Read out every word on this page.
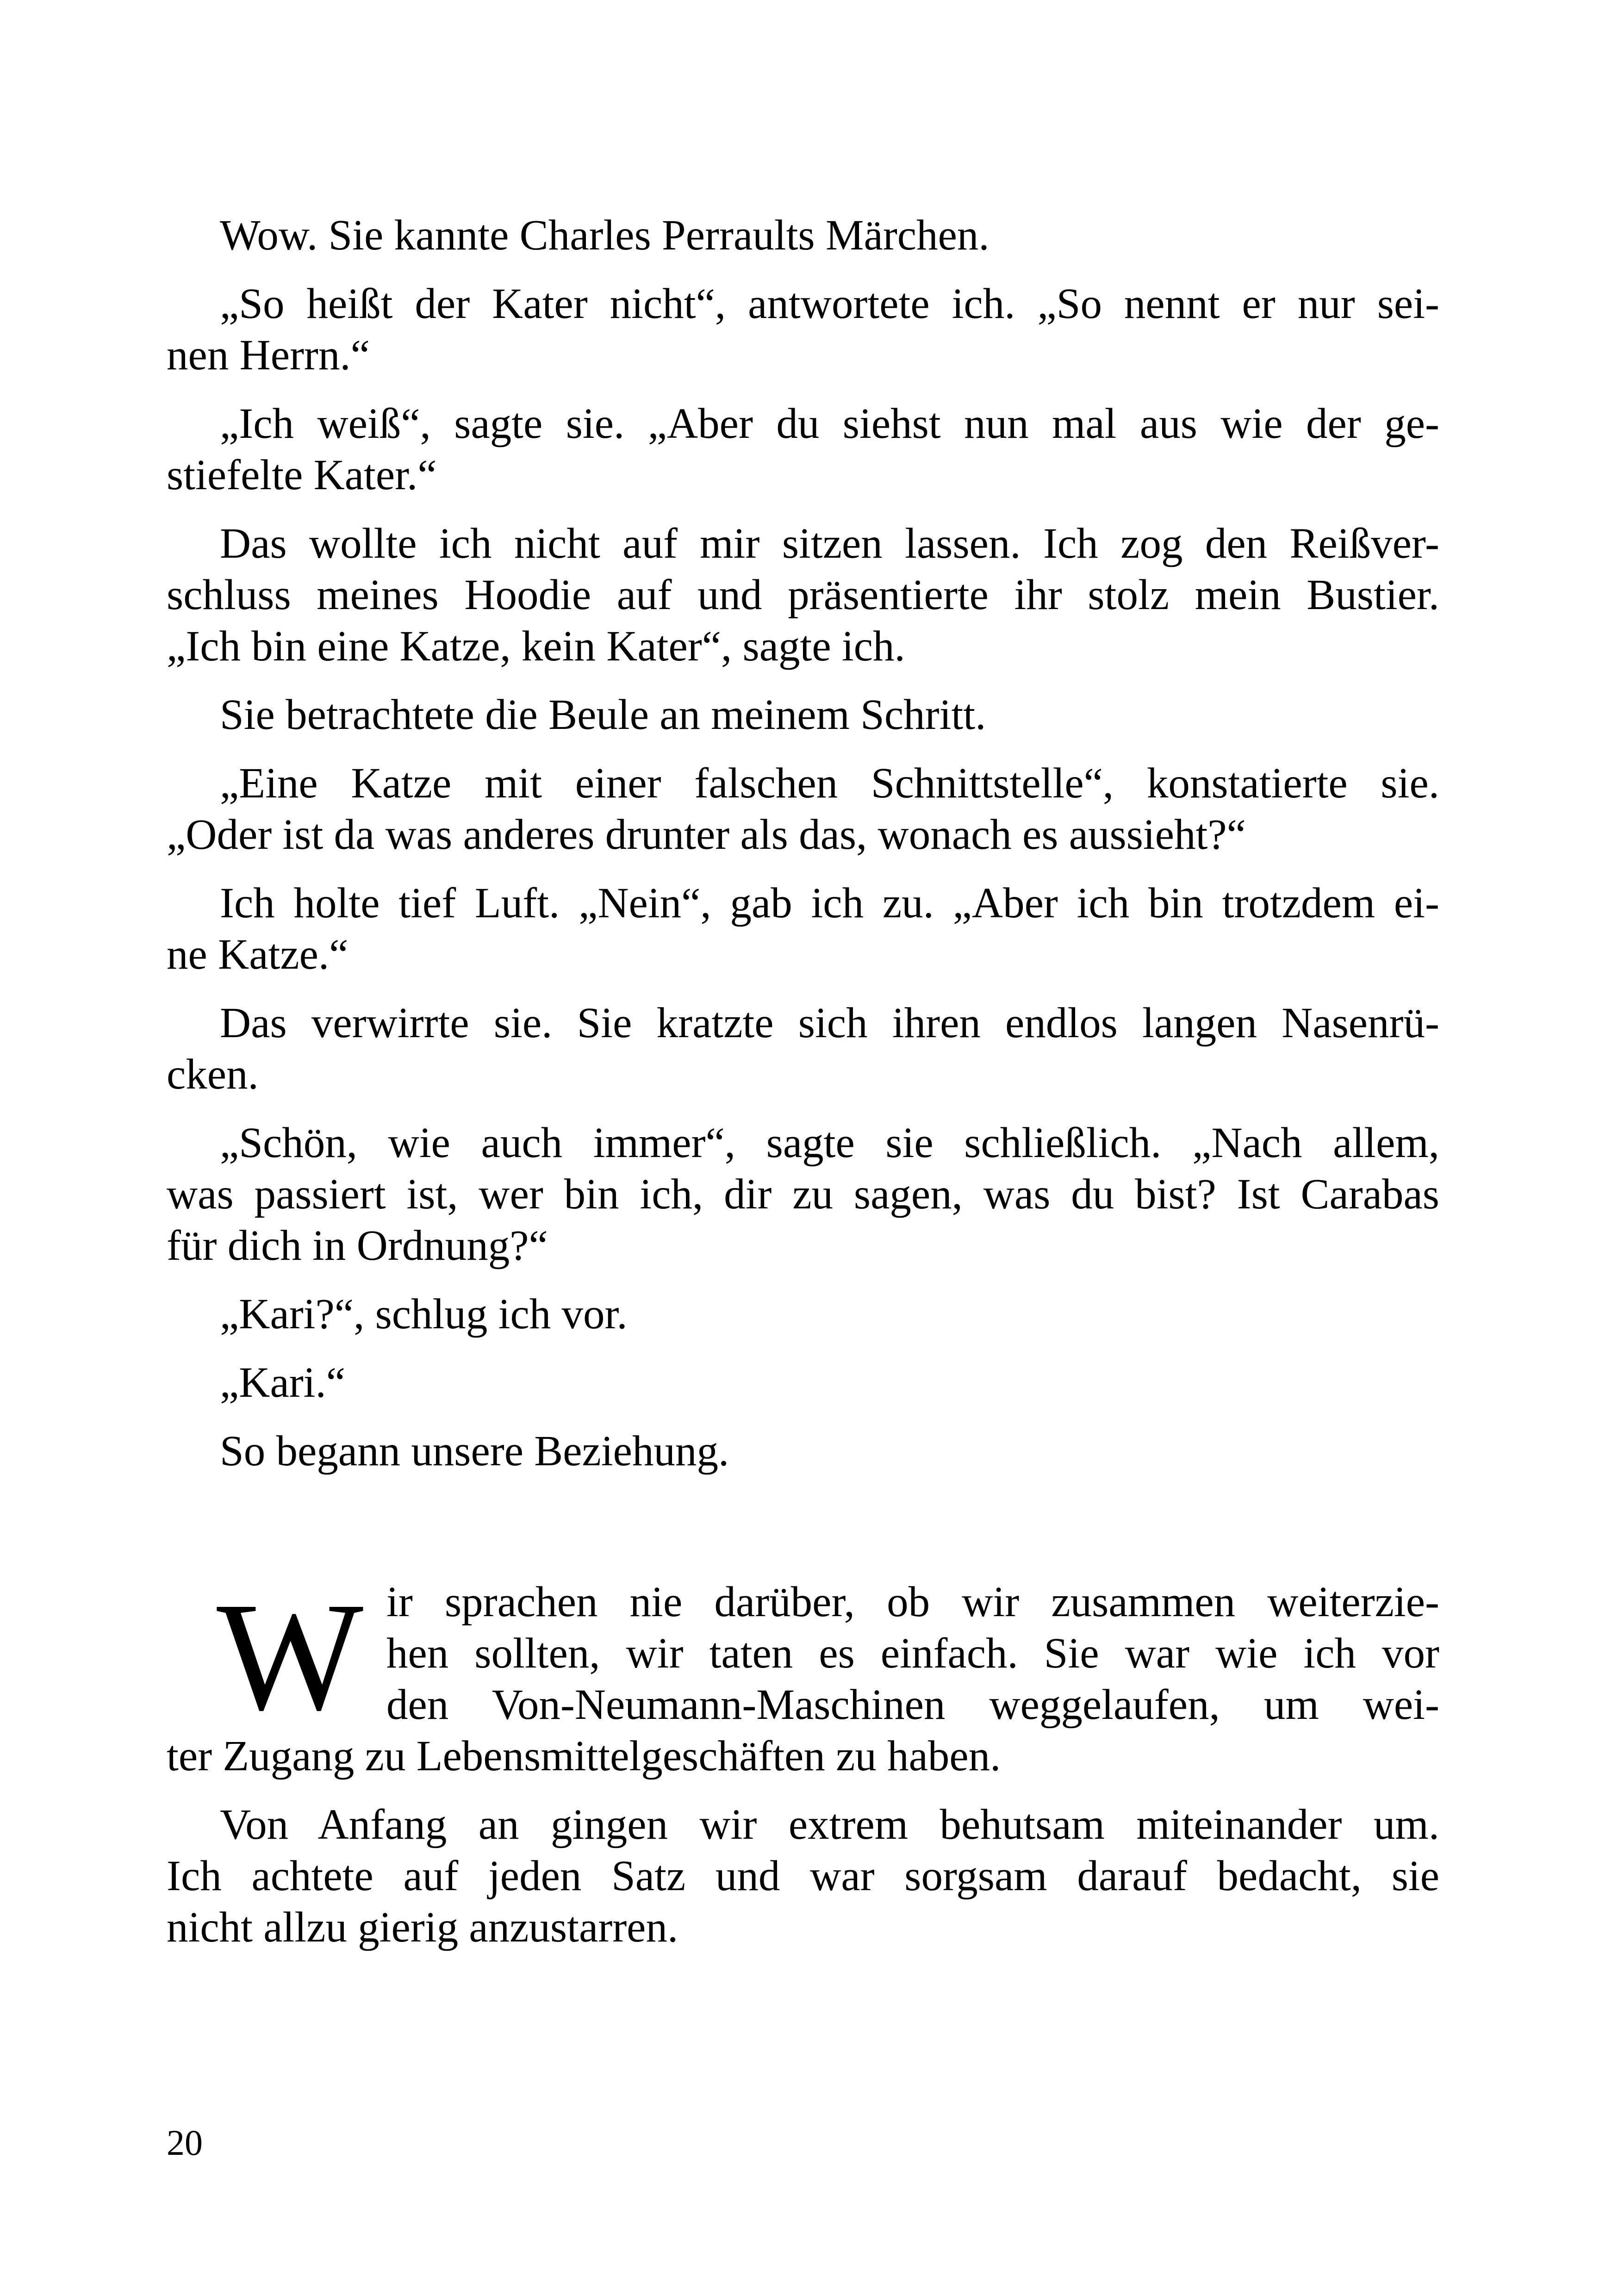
Wow. Sie kannte Charles Perraults Märchen.
„So heißt der Kater nicht“, antwortete ich. „So nennt er nur sei-
nen Herrn.“
„Ich weiß“, sagte sie. „Aber du siehst nun mal aus wie der ge-
stiefelte Kater.“
Das wollte ich nicht auf mir sitzen lassen. Ich zog den Reißver-
schluss meines Hoodie auf und präsentierte ihr stolz mein Bustier.
„Ich bin eine Katze, kein Kater“, sagte ich.
Sie betrachtete die Beule an meinem Schritt.
„Eine Katze mit einer falschen Schnittstelle“, konstatierte sie.
„Oder ist da was anderes drunter als das, wonach es aussieht?“
Ich holte tief Luft. „Nein“, gab ich zu. „Aber ich bin trotzdem ei-
ne Katze.“
Das verwirrte sie. Sie kratzte sich ihren endlos langen Nasenrü-
cken.
„Schön, wie auch immer“, sagte sie schließlich. „Nach allem,
was passiert ist, wer bin ich, dir zu sagen, was du bist? Ist Carabas
für dich in Ordnung?“
„Kari?“, schlug ich vor.
„Kari.“
So begann unsere Beziehung.
W ir sprachen nie darüber, ob wir zusammen weiterzie-
hen sollten, wir taten es einfach. Sie war wie ich vor
den Von-Neumann-Maschinen weggelaufen, um wei-
ter Zugang zu Lebensmittelgeschäften zu haben.
Von Anfang an gingen wir extrem behutsam miteinander um.
Ich achtete auf jeden Satz und war sorgsam darauf bedacht, sie
nicht allzu gierig anzustarren.
20
